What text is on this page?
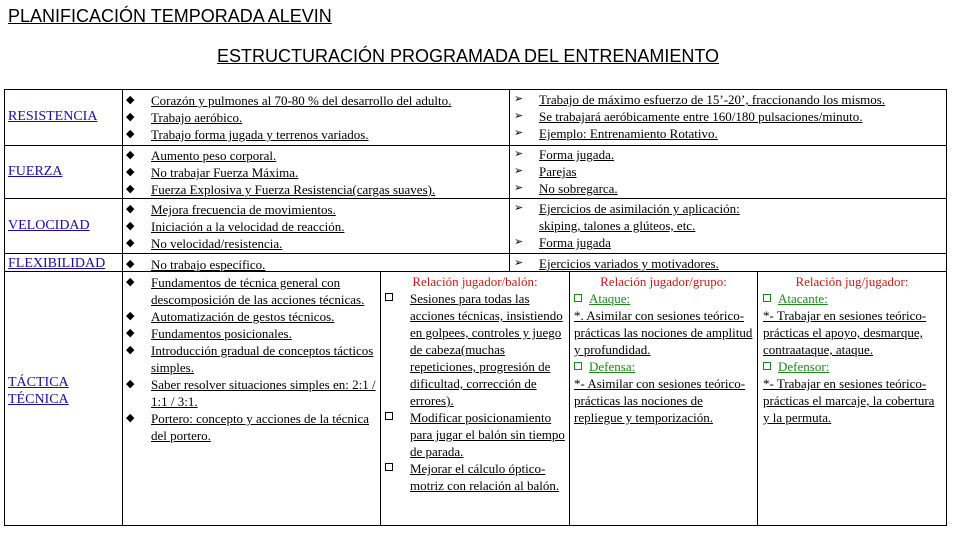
PLANIFICACIÓN TEMPORADA ALEVIN
ESTRUCTURACIÓN PROGRAMADA DEL ENTRENAMIENTO
RESISTENCIA
◆ Corazón y pulmones al 70-80 % del desarrollo del adulto.
◆ Trabajo aeróbico.
◆ Trabajo forma jugada y terrenos variados.
➢ Trabajo de máximo esfuerzo de 15’-20’, fraccionando los mismos.
➢ Se trabajará aeróbicamente entre 160/180 pulsaciones/minuto.
➢ Ejemplo: Entrenamiento Rotativo.
FUERZA
◆ Aumento peso corporal.
◆ No trabajar Fuerza Máxima.
◆ Fuerza Explosiva y Fuerza Resistencia(cargas suaves).
➢ Forma jugada.
➢ Parejas
➢ No sobregarca.
VELOCIDAD
◆ Mejora frecuencia de movimientos.
◆ Iniciación a la velocidad de reacción.
◆ No velocidad/resistencia.
➢ Ejercicios de asimilación y aplicación: skiping, talones a glúteos, etc.
➢ Forma jugada
FLEXIBILIDAD ◆ No trabajo específico.	➢ Ejercicios variados y motivadores.
TÁCTICA TÉCNICA
◆ Fundamentos de técnica general con descomposición de las acciones técnicas.
◆ Automatización de gestos técnicos.
◆ Fundamentos posicionales.
◆ Introducción gradual de conceptos tácticos simples.
◆ Saber resolver situaciones simples en: 2:1 / 1:1 / 3:1.
◆ Portero: concepto y acciones de la técnica del portero.
Relación jugador/balón:
Sesiones para todas las acciones técnicas, insistiendo en golpees, controles y juego de cabeza(muchas repeticiones, progresión de dificultad, corrección de errores).
Modificar posicionamiento para jugar el balón sin tiempo de parada.
Mejorar el cálculo óptico-motriz con relación al balón.
Relación jugador/grupo:
Ataque:
*. Asimilar con sesiones teórico-prácticas las nociones de amplitud y profundidad.
Defensa:
*- Asimilar con sesiones teórico-prácticas las nociones de repliegue y temporización.
Relación jug/jugador:
Atacante:
*- Trabajar en sesiones teórico-prácticas el apoyo, desmarque, contraataque, ataque.
Defensor:
*- Trabajar en sesiones teórico-prácticas el marcaje, la cobertura y la permuta.
